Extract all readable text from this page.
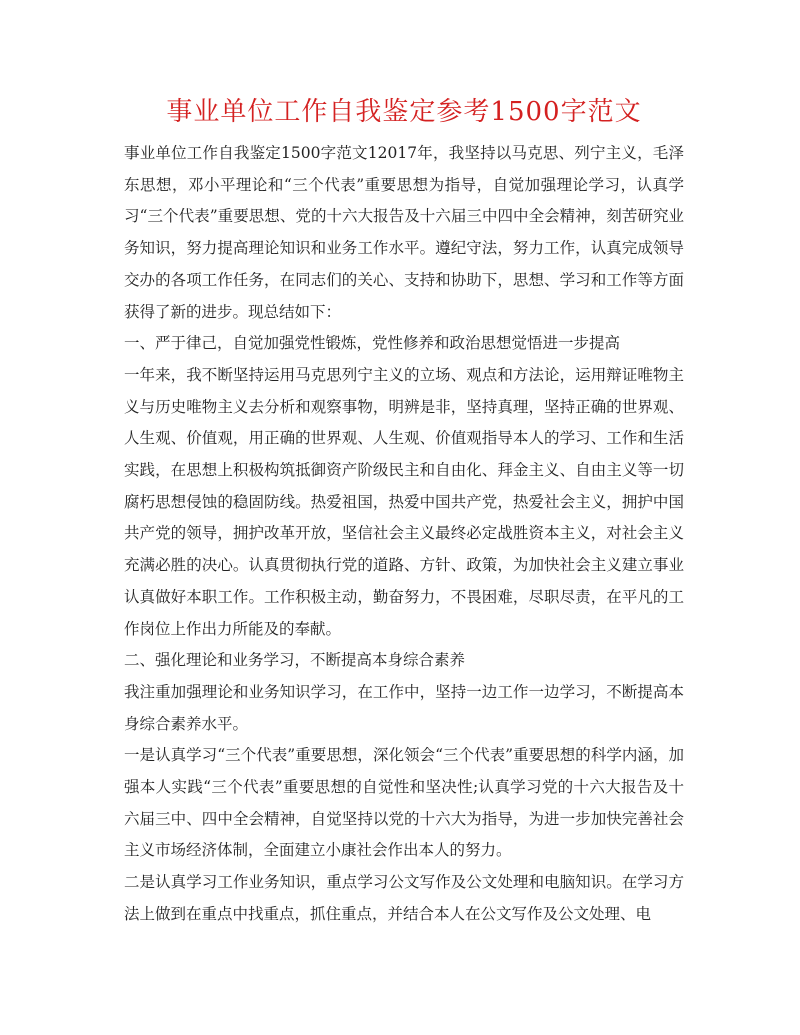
事业单位工作自我鉴定参考1500字范文

事业单位工作自我鉴定1500字范文12017年，我坚持以马克思、列宁主义，毛泽东思想，邓小平理论和“三个代表”重要思想为指导，自觉加强理论学习，认真学习“三个代表”重要思想、党的十六大报告及十六届三中四中全会精神，刻苦研究业务知识，努力提高理论知识和业务工作水平。遵纪守法，努力工作，认真完成领导交办的各项工作任务，在同志们的关心、支持和协助下，思想、学习和工作等方面获得了新的进步。现总结如下：

一、严于律己，自觉加强党性锻炼，党性修养和政治思想觉悟进一步提高

一年来，我不断坚持运用马克思列宁主义的立场、观点和方法论，运用辩证唯物主义与历史唯物主义去分析和观察事物，明辨是非，坚持真理，坚持正确的世界观、人生观、价值观，用正确的世界观、人生观、价值观指导本人的学习、工作和生活实践，在思想上积极构筑抵御资产阶级民主和自由化、拜金主义、自由主义等一切腐朽思想侵蚀的稳固防线。热爱祖国，热爱中国共产党，热爱社会主义，拥护中国共产党的领导，拥护改革开放，坚信社会主义最终必定战胜资本主义，对社会主义充满必胜的决心。认真贯彻执行党的道路、方针、政策，为加快社会主义建立事业认真做好本职工作。工作积极主动，勤奋努力，不畏困难，尽职尽责，在平凡的工作岗位上作出力所能及的奉献。

二、强化理论和业务学习，不断提高本身综合素养

我注重加强理论和业务知识学习，在工作中，坚持一边工作一边学习，不断提高本身综合素养水平。

一是认真学习“三个代表”重要思想，深化领会“三个代表”重要思想的科学内涵，加强本人实践“三个代表”重要思想的自觉性和坚决性;认真学习党的十六大报告及十六届三中、四中全会精神，自觉坚持以党的十六大为指导，为进一步加快完善社会主义市场经济体制，全面建立小康社会作出本人的努力。

二是认真学习工作业务知识，重点学习公文写作及公文处理和电脑知识。在学习方法上做到在重点中找重点，抓住重点，并结合本人在公文写作及公文处理、电
